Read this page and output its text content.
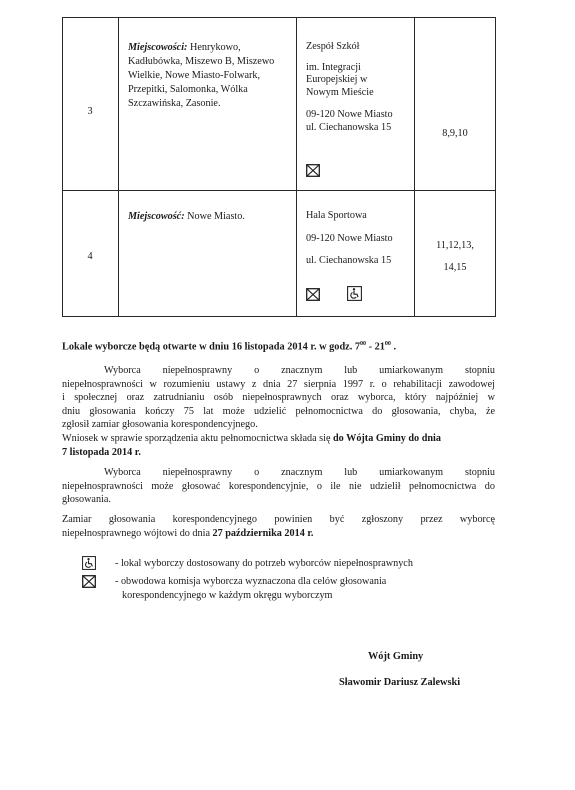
3
Miejscowości: Henrykowo,
Kadłubówka, Miszewo B, Miszewo
Wielkie, Nowe Miasto-Folwark,
Przepitki, Salomonka, Wólka
Szczawińska, Zasonie.
Zespół Szkół
im. Integracji
Europejskiej w
Nowym Mieście
09-120 Nowe Miasto
ul. Ciechanowska 15
8,9,10
4
Miejscowość: Nowe Miasto.	Hala Sportowa
09-120 Nowe Miasto
ul. Ciechanowska 15
11,12,13,
14,15
Lokale wyborcze będą otwarte w dniu 16 listopada 2014 r. w godz. $7^{00} - 21^{00}$ .
Wyborca niepełnosprawny o znacznym lub umiarkowanym stopniu
niepełnosprawności w rozumieniu ustawy z dnia 27 sierpnia 1997 r. o rehabilitacji zawodowej
i społecznej oraz zatrudnianiu osób niepełnosprawnych oraz wyborca, który najpóźniej w
dniu głosowania kończy 75 lat może udzielić pełnomocnictwa do głosowania, chyba, że
zgłosił zamiar głosowania korespondencyjnego.
Wniosek w sprawie sporządzenia aktu pełnomocnictwa składa się do Wójta Gminy do dnia
7 listopada 2014 r.
Wyborca niepełnosprawny o znacznym lub umiarkowanym stopniu
niepełnosprawności może głosować korespondencyjnie, o ile nie udzielił pełnomocnictwa do
głosowania.
Zamiar głosowania korespondencyjnego powinien być zgłoszony przez wyborcę
niepełnosprawnego wójtowi do dnia 27 października 2014 r.
- lokal wyborczy dostosowany do potrzeb wyborców niepełnosprawnych
- obwodowa komisja wyborcza wyznaczona dla celów głosowania
korespondencyjnego w każdym okręgu wyborczym
Wójt Gminy
Sławomir Dariusz Zalewski
